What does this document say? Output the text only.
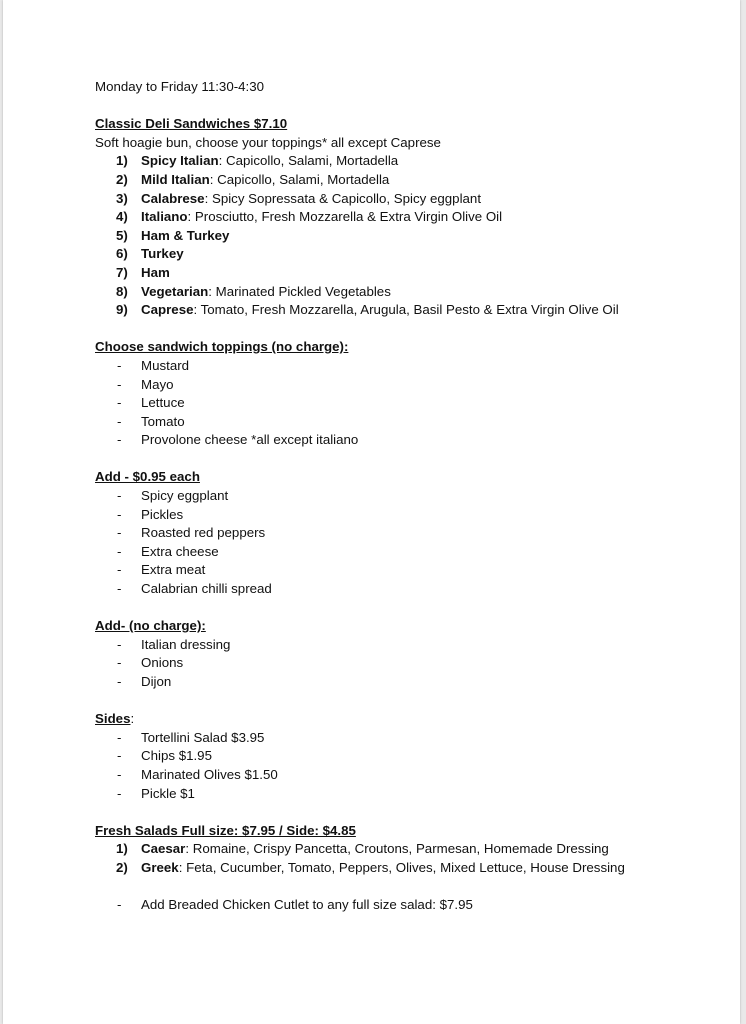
Monday to Friday 11:30-4:30
Classic Deli Sandwiches $7.10
Soft hoagie bun, choose your toppings* all except Caprese
1) Spicy Italian: Capicollo, Salami, Mortadella
2) Mild Italian: Capicollo, Salami, Mortadella
3) Calabrese: Spicy Sopressata & Capicollo, Spicy eggplant
4) Italiano: Prosciutto, Fresh Mozzarella & Extra Virgin Olive Oil
5) Ham & Turkey
6) Turkey
7) Ham
8) Vegetarian: Marinated Pickled Vegetables
9) Caprese: Tomato, Fresh Mozzarella, Arugula, Basil Pesto & Extra Virgin Olive Oil
Choose sandwich toppings (no charge):
- Mustard
- Mayo
- Lettuce
- Tomato
- Provolone cheese *all except italiano
Add - $0.95 each
- Spicy eggplant
- Pickles
- Roasted red peppers
- Extra cheese
- Extra meat
- Calabrian chilli spread
Add- (no charge):
- Italian dressing
- Onions
- Dijon
Sides:
- Tortellini Salad $3.95
- Chips $1.95
- Marinated Olives $1.50
- Pickle $1
Fresh Salads Full size: $7.95 / Side: $4.85
1) Caesar: Romaine, Crispy Pancetta, Croutons, Parmesan, Homemade Dressing
2) Greek: Feta, Cucumber, Tomato, Peppers, Olives, Mixed Lettuce, House Dressing
- Add Breaded Chicken Cutlet to any full size salad: $7.95
